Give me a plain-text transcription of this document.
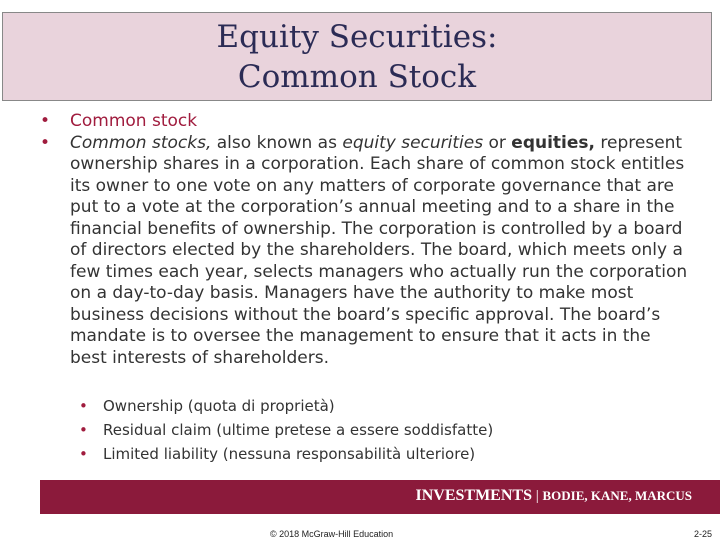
Equity Securities:
Common Stock
• Common stock
• Common stocks, also known as equity securities or equities, represent ownership shares in a corporation. Each share of common stock entitles its owner to one vote on any matters of corporate governance that are put to a vote at the corporation’s annual meeting and to a share in the financial benefits of ownership. The corporation is controlled by a board of directors elected by the shareholders. The board, which meets only a few times each year, selects managers who actually run the corporation on a day-to-day basis. Managers have the authority to make most business decisions without the board’s specific approval. The board’s mandate is to oversee the management to ensure that it acts in the best interests of shareholders.
• Ownership (quota di proprietà)
• Residual claim (ultime pretese a essere soddisfatte)
• Limited liability (nessuna responsabilità ulteriore)
INVESTMENTS | BODIE, KANE, MARCUS
© 2018 McGraw-Hill Education	2-25
